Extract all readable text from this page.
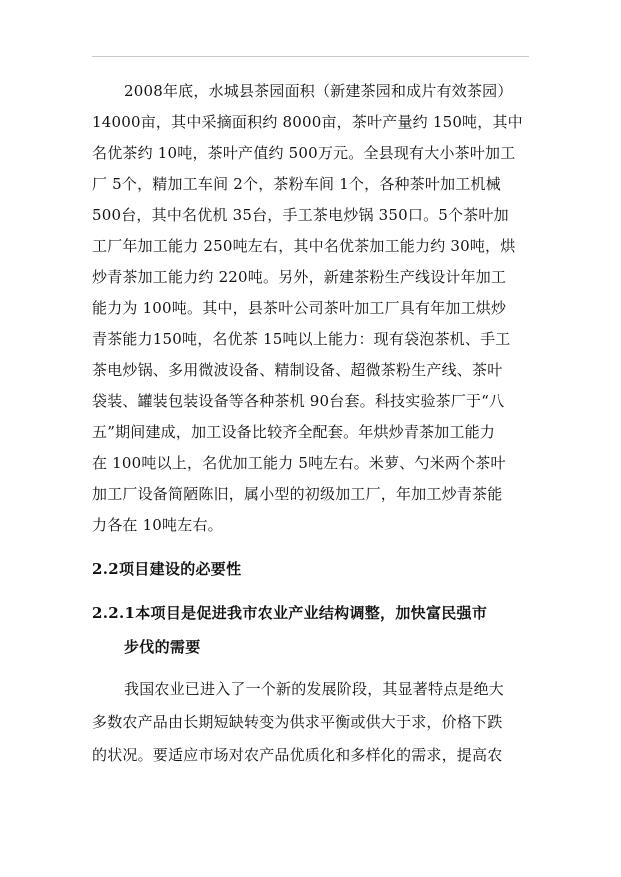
2008年底，水城县茶园面积（新建茶园和成片有效茶园）
14000亩，其中采摘面积约 8000亩，茶叶产量约 150吨，其中
名优茶约 10吨，茶叶产值约 500万元。全县现有大小茶叶加工
厂 5个，精加工车间 2个，茶粉车间 1个，各种茶叶加工机械
500台，其中名优机 35台，手工茶电炒锅 350口。5个茶叶加
工厂年加工能力 250吨左右，其中名优茶加工能力约 30吨，烘
炒青茶加工能力约 220吨。另外，新建茶粉生产线设计年加工
能力为 100吨。其中，县茶叶公司茶叶加工厂具有年加工烘炒
青茶能力150吨，名优茶 15吨以上能力：现有袋泡茶机、手工
茶电炒锅、多用微波设备、精制设备、超微茶粉生产线、茶叶
袋装、罐装包装设备等各种茶机 90台套。科技实验茶厂于“八
五”期间建成，加工设备比较齐全配套。年烘炒青茶加工能力
在 100吨以上，名优加工能力 5吨左右。米萝、勺米两个茶叶
加工厂设备简陋陈旧，属小型的初级加工厂，年加工炒青茶能
力各在 10吨左右。
2.2项目建设的必要性
2.2.1本项目是促进我市农业产业结构调整，加快富民强市
步伐的需要
我国农业已进入了一个新的发展阶段，其显著特点是绝大
多数农产品由长期短缺转变为供求平衡或供大于求，价格下跌
的状况。要适应市场对农产品优质化和多样化的需求，提高农
